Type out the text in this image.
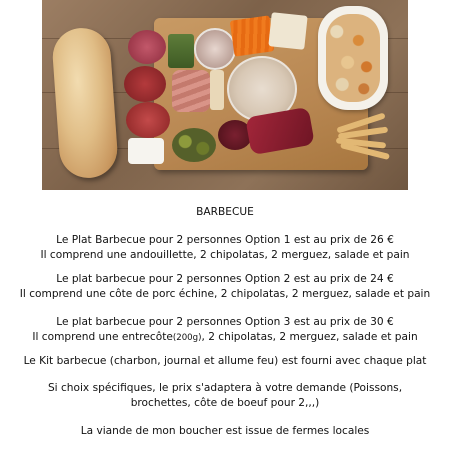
BARBECUE

Le Plat Barbecue pour 2 personnes Option 1 est au prix de 26 €

Il comprend une andouillette, 2 chipolatas, 2 merguez, salade et pain

Le plat barbecue pour 2 personnes Option 2 est au prix de 24 €

Il comprend une côte de porc échine, 2 chipolatas, 2 merguez, salade et pain

Le plat barbecue pour 2 personnes Option 3 est au prix de 30 €

Il comprend une entrecôte(200g), 2 chipolatas, 2 merguez, salade et pain

Le Kit barbecue (charbon, journal et allume feu) est fourni avec chaque plat

Si choix spécifiques, le prix s'adaptera à votre demande (Poissons,

brochettes, côte de boeuf pour 2,,,)

La viande de mon boucher est issue de fermes locales
